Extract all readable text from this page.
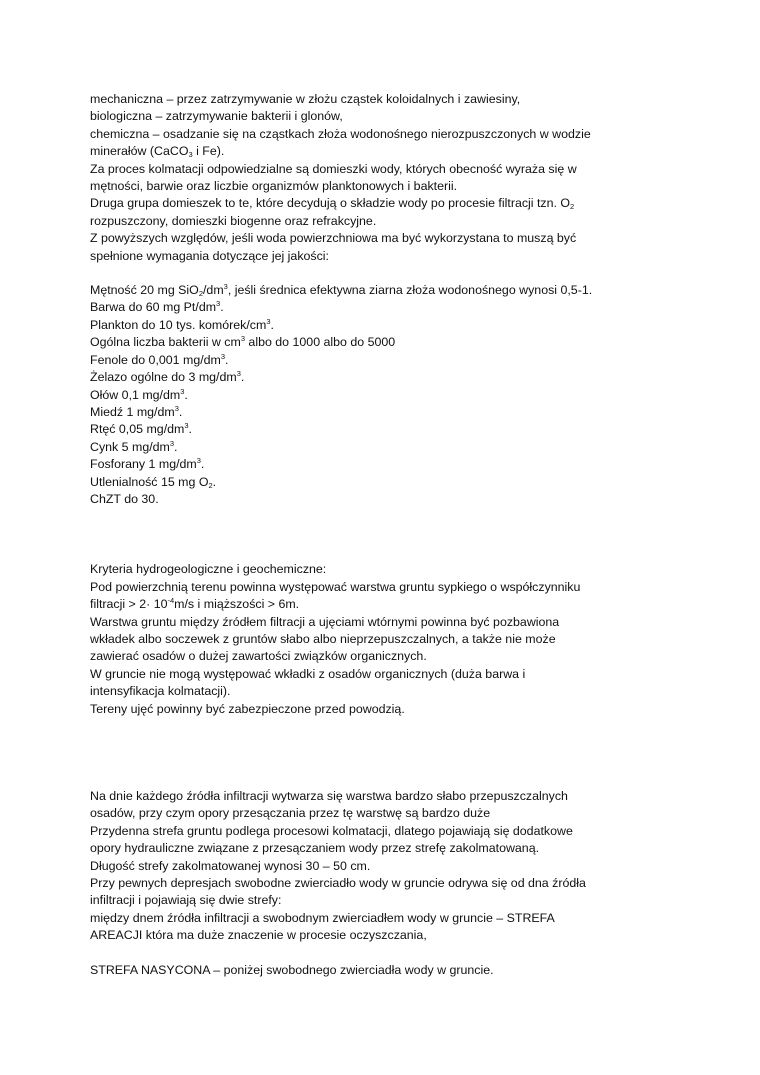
mechaniczna – przez zatrzymywanie w złożu cząstek koloidalnych i zawiesiny,
biologiczna – zatrzymywanie bakterii i glonów,
chemiczna – osadzanie się na cząstkach złoża wodonośnego nierozpuszczonych w wodzie
minerałów (CaCO$_3$ i Fe).
Za proces kolmatacji odpowiedzialne są domieszki wody, których obecność wyraża się w
mętności, barwie oraz liczbie organizmów planktonowych i bakterii.
Druga grupa domieszek to te, które decydują o składzie wody po procesie filtracji tzn. $O_2$
rozpuszczony, domieszki biogenne oraz refrakcyjne.
Z powyższych względów, jeśli woda powierzchniowa ma być wykorzystana to muszą być
spełnione wymagania dotyczące jej jakości:
Mętność 20 mg $SiO_2/dm^3$, jeśli średnica efektywna ziarna złoża wodonośnego wynosi 0,5-1.
Barwa do 60 mg $Pt/dm^3$.
Plankton do 10 tys. komórek/$cm^3$.
Ogólna liczba bakterii w $cm^3$ albo do 1000 albo do 5000
Fenole do 0,001 $mg/dm^3$.
Żelazo ogólne do 3 $mg/dm^3$.
Ołów 0,1 $mg/dm^3$.
Miedź 1 $mg/dm^3$.
Rtęć 0,05 $mg/dm^3$.
Cynk 5 $mg/dm^3$.
Fosforany 1 $mg/dm^3$.
Utlenialność 15 mg $O_2$.
ChZT do 30.
Kryteria hydrogeologiczne i geochemiczne:
Pod powierzchnią terenu powinna występować warstwa gruntu sypkiego o współczynniku
filtracji > $2\cdot 10^{-4}m/s$ i miąższości > 6m.
Warstwa gruntu między źródłem filtracji a ujęciami wtórnymi powinna być pozbawiona
wkładek albo soczewek z gruntów słabo albo nieprzepuszczalnych, a także nie może
zawierać osadów o dużej zawartości związków organicznych.
W gruncie nie mogą występować wkładki z osadów organicznych (duża barwa i
intensyfikacja kolmatacji).
Tereny ujęć powinny być zabezpieczone przed powodzią.
Na dnie każdego źródła infiltracji wytwarza się warstwa bardzo słabo przepuszczalnych
osadów, przy czym opory przesączania przez tę warstwę są bardzo duże
Przydenna strefa gruntu podlega procesowi kolmatacji, dlatego pojawiają się dodatkowe
opory hydrauliczne związane z przesączaniem wody przez strefę zakolmatowaną.
Długość strefy zakolmatowanej wynosi 30 – 50 cm.
Przy pewnych depresjach swobodne zwierciadło wody w gruncie odrywa się od dna źródła
infiltracji i pojawiają się dwie strefy:
między dnem źródła infiltracji a swobodnym zwierciadłem wody w gruncie – STREFA
AREACJI która ma duże znaczenie w procesie oczyszczania,
STREFA NASYCONA – poniżej swobodnego zwierciadła wody w gruncie.
